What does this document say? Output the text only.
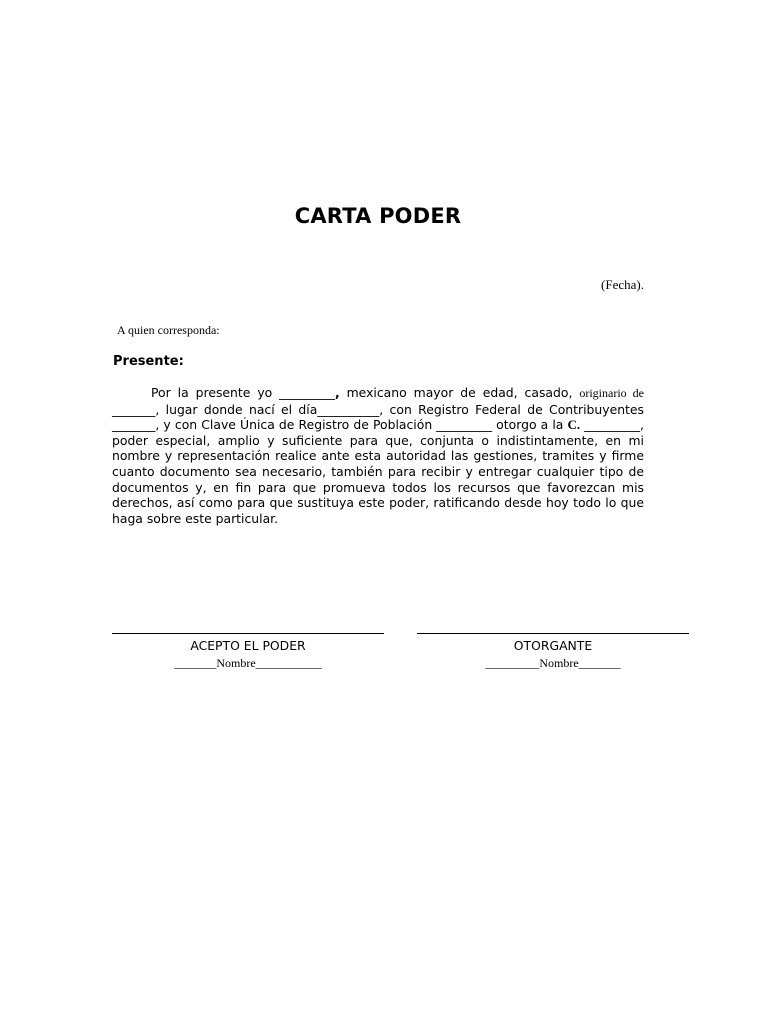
CARTA PODER
(Fecha).
A quien corresponda:
Presente:

Por la presente yo _________, mexicano mayor de edad, casado, originario de _______, lugar donde nací el día__________, con Registro Federal de Contribuyentes _______, y con Clave Única de Registro de Población _________ otorgo a la C. _________, poder especial, amplio y suficiente para que, conjunta o indistintamente, en mi nombre y representación realice ante esta autoridad las gestiones, tramites y firme cuanto documento sea necesario, también para recibir y entregar cualquier tipo de documentos y, en fin para que promueva todos los recursos que favorezcan mis derechos, así como para que sustituya este poder, ratificando desde hoy todo lo que haga sobre este particular.

ACEPTO EL PODER
_______Nombre___________
OTORGANTE
_________Nombre_______
